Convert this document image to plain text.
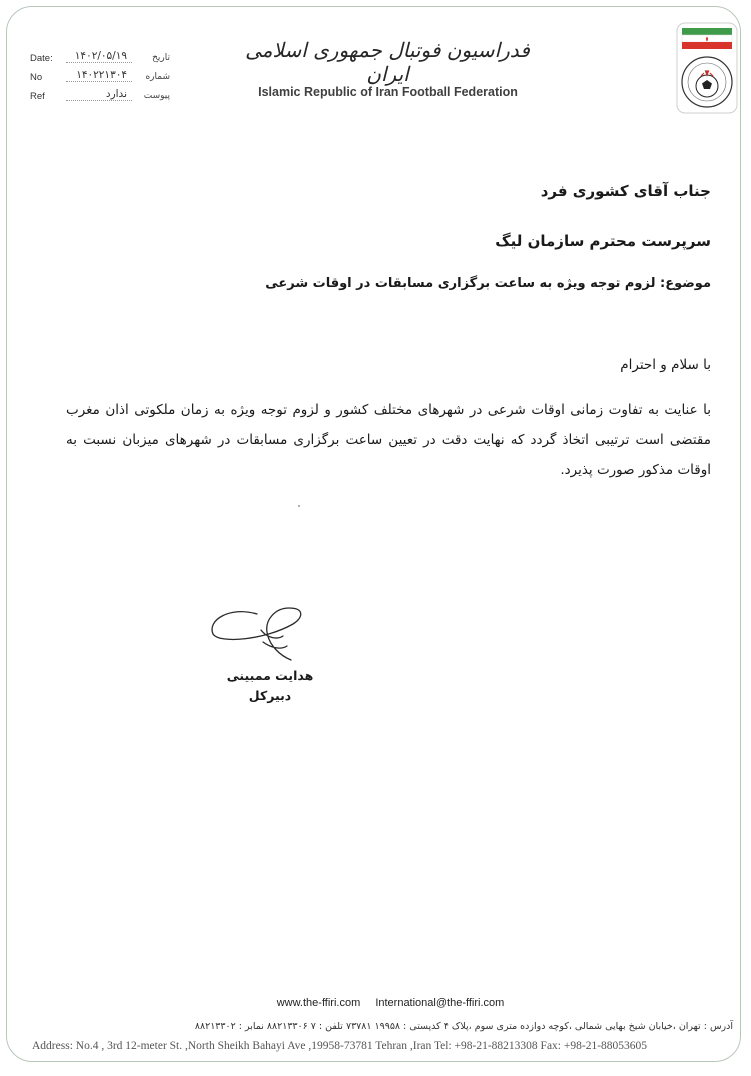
Date: ۱۴۰۲/۰۵/۱۹	تاریخ
No	۱۴۰۲۲۱۳۰۴ شماره
Ref	ندارد پیوست
فدراسیون فوتبال جمهوری اسلامی ایران
Islamic Republic of Iran Football Federation
جناب آقای کشوری فرد
سرپرست محترم سازمان لیگ
موضوع: لزوم توجه ویژه به ساعت برگزاری مسابقات در اوقات شرعی
با سلام و احترام
با عنایت به تفاوت زمانی اوقات شرعی در شهرهای مختلف کشور و لزوم توجه ویژه به زمان ملکوتی اذان مغرب مقتضی است ترتیبی اتخاذ گردد که نهایت دقت در تعیین ساعت برگزاری مسابقات در شهرهای میزبان نسبت به اوقات مذکور صورت پذیرد.
هدایت ممبینی
دبیرکل
www.the-ffiri.com International@the-ffiri.com
آدرس : تهران ،خیابان شیخ بهایی شمالی ،کوچه دوازده متری سوم ،پلاک ۴ کدپستی : ۱۹۹۵۸ ۷۳۷۸۱ تلفن : ۷ ۸۸۲۱۳۳۰۶ نمابر : ۸۸۲۱۳۳۰۲
Address: No.4 , 3rd 12-meter St. ,North Sheikh Bahayi Ave ,19958-73781 Tehran ,Iran Tel: +98-21-88213308 Fax: +98-21-88053605
